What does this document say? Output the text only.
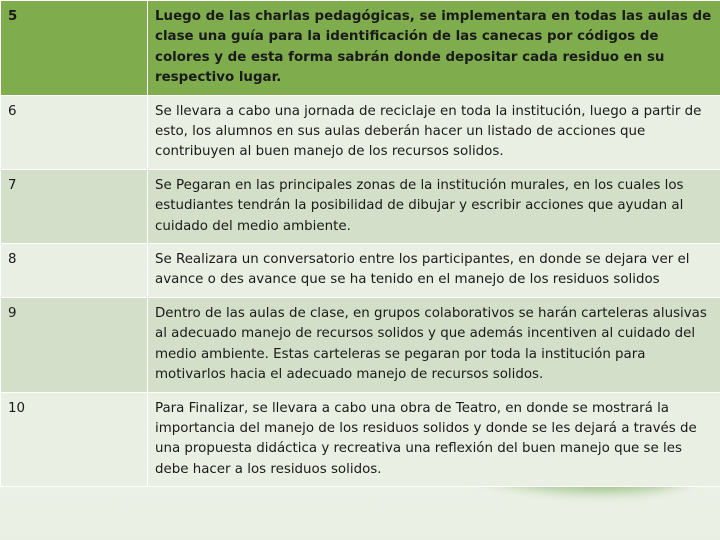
5	Luego de las charlas pedagógicas, se implementara en todas las aulas de clase una guía para la identificación de las canecas por códigos de colores y de esta forma sabrán donde depositar cada residuo en su respectivo lugar.
6	Se llevara a cabo una jornada de reciclaje en toda la institución, luego a partir de esto, los alumnos en sus aulas deberán hacer un listado de acciones que contribuyen al buen manejo de los recursos solidos.
7	Se Pegaran en las principales zonas de la institución murales, en los cuales los estudiantes tendrán la posibilidad de dibujar y escribir acciones que ayudan al cuidado del medio ambiente.
8	Se Realizara un conversatorio entre los participantes, en donde se dejara ver el avance o des avance que se ha tenido en el manejo de los residuos solidos
9	Dentro de las aulas de clase, en grupos colaborativos se harán carteleras alusivas al adecuado manejo de recursos solidos y que además incentiven al cuidado del medio ambiente. Estas carteleras se pegaran por toda la institución para motivarlos hacia el adecuado manejo de recursos solidos.
10	Para Finalizar, se llevara a cabo una obra de Teatro, en donde se mostrará la importancia del manejo de los residuos solidos y donde se les dejará a través de una propuesta didáctica y recreativa una reflexión del buen manejo que se les debe hacer a los residuos solidos.
